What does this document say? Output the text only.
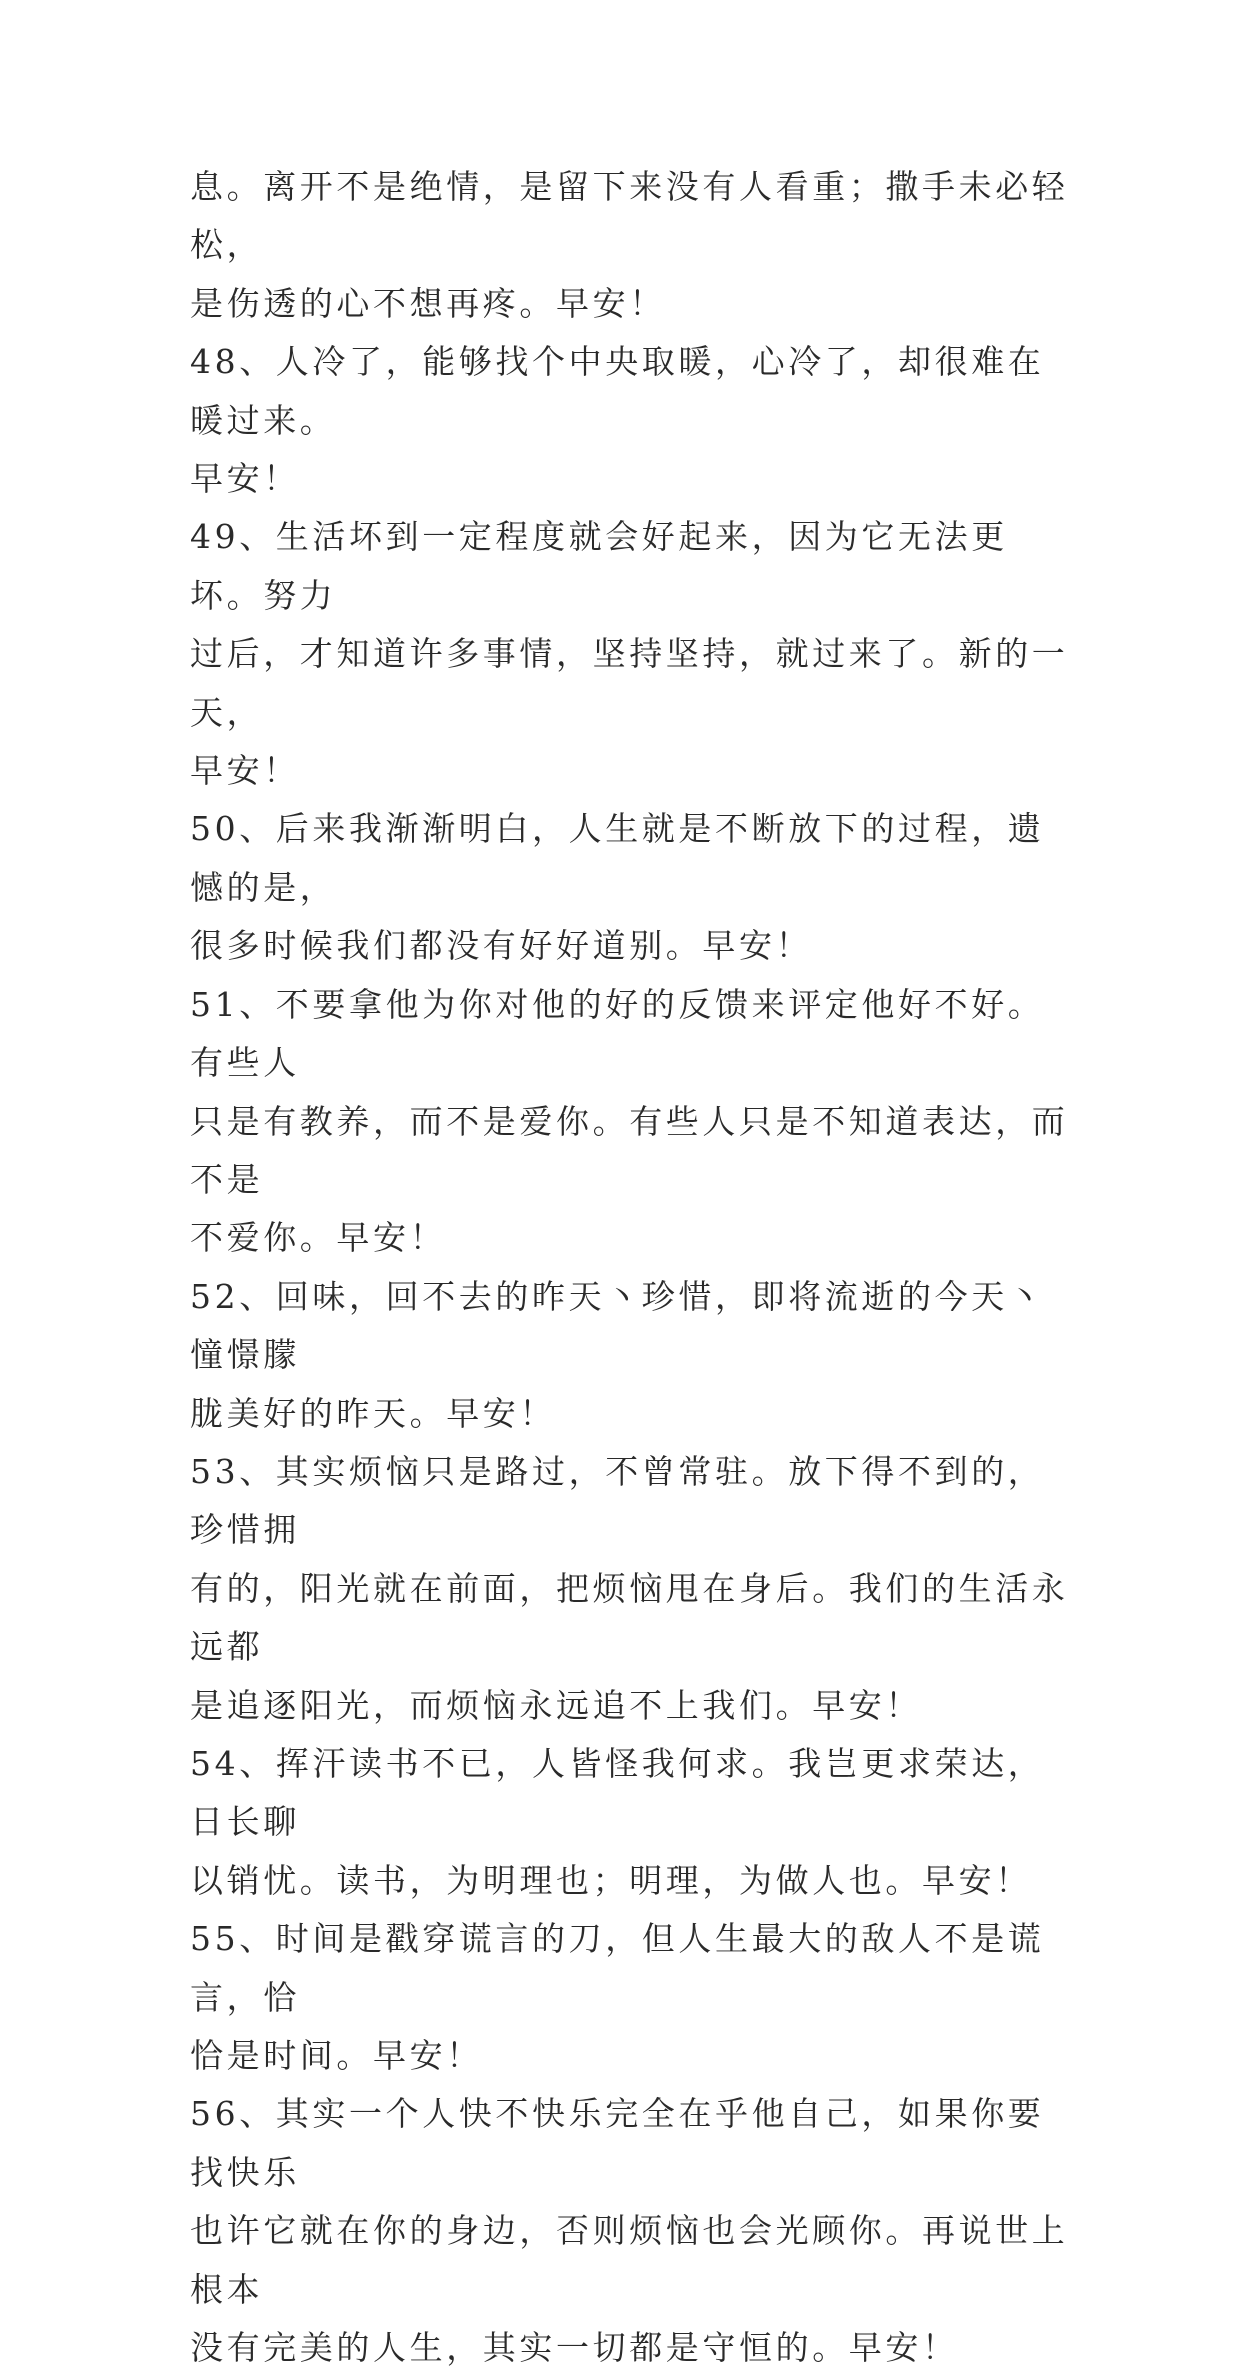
息。离开不是绝情，是留下来没有人看重；撒手未必轻松，
是伤透的心不想再疼。早安！

48、人冷了，能够找个中央取暖，心冷了，却很难在暖过来。
早安！

49、生活坏到一定程度就会好起来，因为它无法更坏。努力
过后，才知道许多事情，坚持坚持，就过来了。新的一天，
早安！

50、后来我渐渐明白，人生就是不断放下的过程，遗憾的是，
很多时候我们都没有好好道别。早安！

51、不要拿他为你对他的好的反馈来评定他好不好。有些人
只是有教养，而不是爱你。有些人只是不知道表达，而不是
不爱你。早安！

52、回味，回不去的昨天丶珍惜，即将流逝的今天丶憧憬朦
胧美好的昨天。早安！

53、其实烦恼只是路过，不曾常驻。放下得不到的，珍惜拥
有的，阳光就在前面，把烦恼甩在身后。我们的生活永远都
是追逐阳光，而烦恼永远追不上我们。早安！

54、挥汗读书不已，人皆怪我何求。我岂更求荣达，日长聊
以销忧。读书，为明理也；明理，为做人也。早安！

55、时间是戳穿谎言的刀，但人生最大的敌人不是谎言，恰
恰是时间。早安！

56、其实一个人快不快乐完全在乎他自己，如果你要找快乐
也许它就在你的身边，否则烦恼也会光顾你。再说世上根本
没有完美的人生，其实一切都是守恒的。早安！
